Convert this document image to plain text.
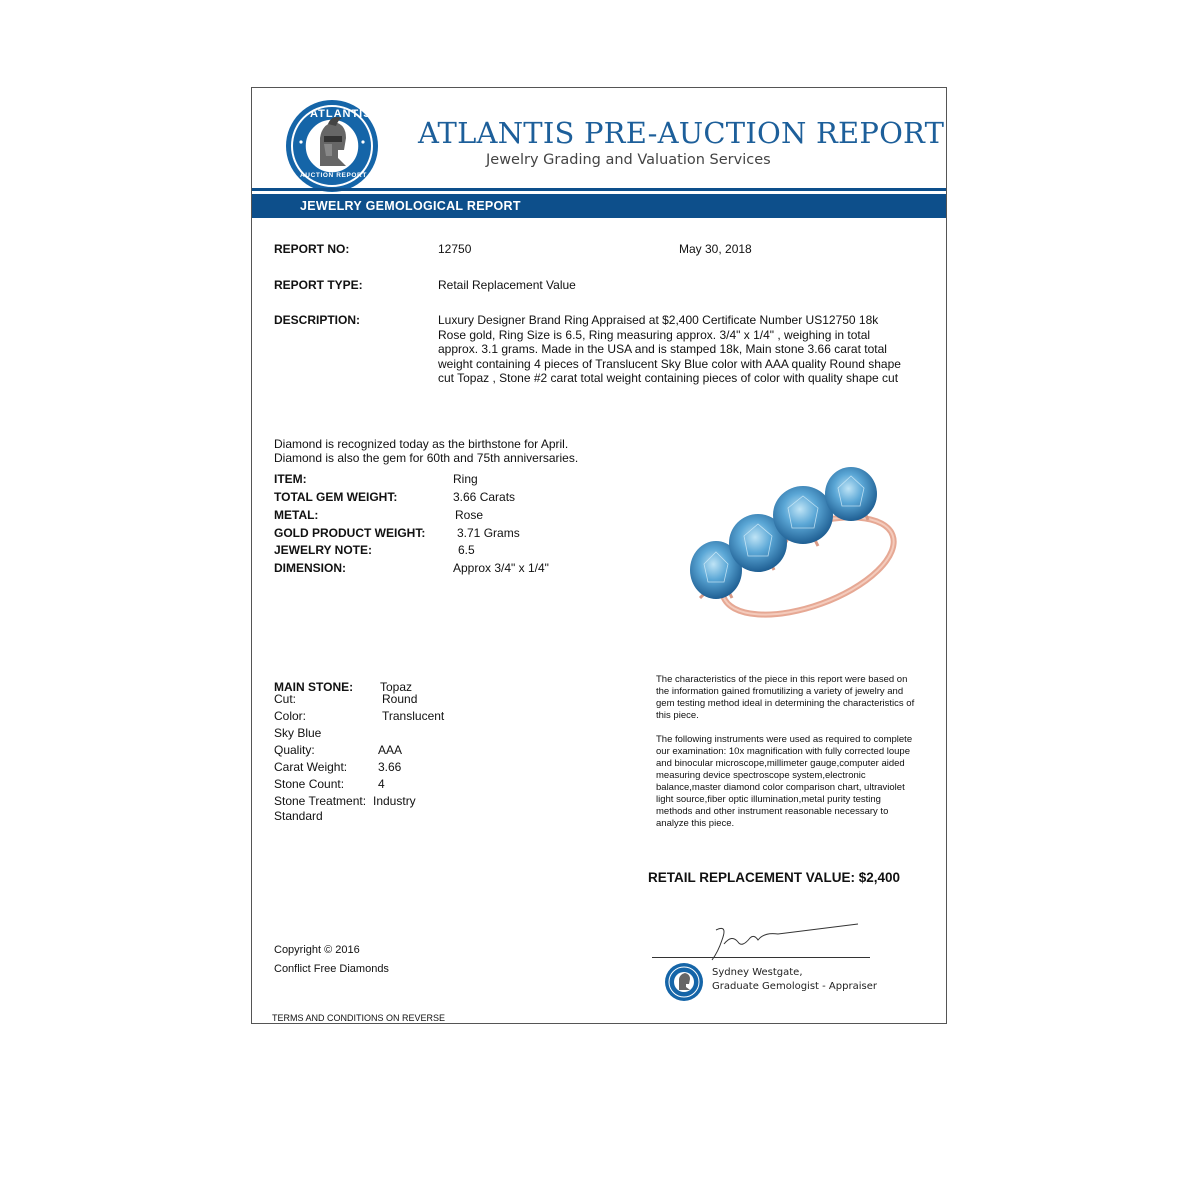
ATLANTIS
AUCTION REPORT
ATLANTIS PRE-AUCTION REPORT
Jewelry Grading and Valuation Services
JEWELRY GEMOLOGICAL REPORT
REPORT NO:	12750	May 30, 2018
REPORT TYPE:	Retail Replacement Value
DESCRIPTION:	Luxury Designer Brand Ring Appraised at $2,400 Certificate Number US12750 18k Rose gold, Ring Size is 6.5, Ring measuring approx. 3/4" x 1/4" , weighing in total approx. 3.1 grams. Made in the USA and is stamped 18k, Main stone 3.66 carat total weight containing 4 pieces of Translucent Sky Blue color with AAA quality Round shape cut Topaz , Stone #2 carat total weight containing pieces of color with quality shape cut
Diamond is recognized today as the birthstone for April.
Diamond is also the gem for 60th and 75th anniversaries.
ITEM:	Ring
TOTAL GEM WEIGHT:	3.66 Carats
METAL:	Rose
GOLD PRODUCT WEIGHT:	3.71 Grams
JEWELRY NOTE:	6.5
DIMENSION:	Approx 3/4" x 1/4"
MAIN STONE: Topaz
Cut:	Round
Color:	Translucent
Sky Blue
Quality:	AAA
Carat Weight:	3.66
Stone Count:	4
Stone Treatment: Industry
Standard

The characteristics of the piece in this report were based on the information gained fromutilizing a variety of jewelry and gem testing method ideal in determining the characteristics of this piece.

The following instruments were used as required to complete our examination: 10x magnification with fully corrected loupe and binocular microscope,millimeter gauge,computer aided measuring device spectroscope system,electronic balance,master diamond color comparison chart, ultraviolet light source,fiber optic illumination,metal purity testing methods and other instrument reasonable necessary to analyze this piece.

RETAIL REPLACEMENT VALUE: $2,400
Sydney Westgate,
Graduate Gemologist - Appraiser
Copyright © 2016
Conflict Free Diamonds
TERMS AND CONDITIONS ON REVERSE
